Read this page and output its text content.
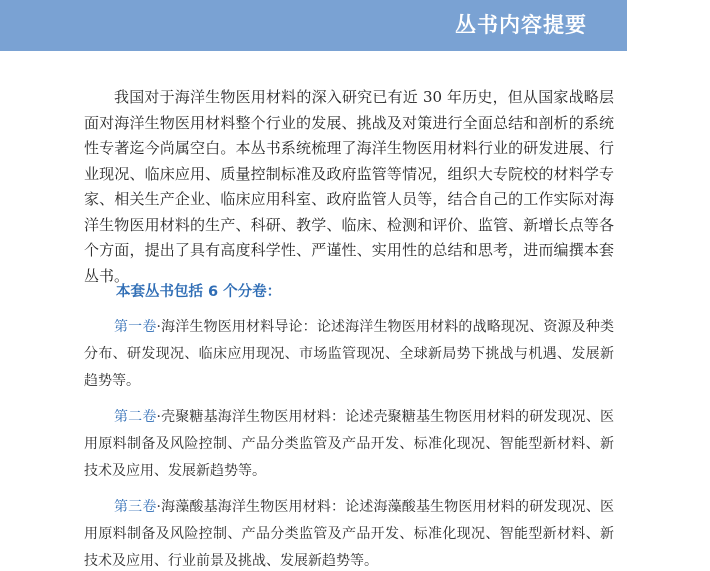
丛书内容提要

我国对于海洋生物医用材料的深入研究已有近 30 年历史，但从国家战略层面对海洋生物医用材料整个行业的发展、挑战及对策进行全面总结和剖析的系统性专著迄今尚属空白。本丛书系统梳理了海洋生物医用材料行业的研发进展、行业现况、临床应用、质量控制标准及政府监管等情况，组织大专院校的材料学专家、相关生产企业、临床应用科室、政府监管人员等，结合自己的工作实际对海洋生物医用材料的生产、科研、教学、临床、检测和评价、监管、新增长点等各个方面，提出了具有高度科学性、严谨性、实用性的总结和思考，进而编撰本套丛书。

本套丛书包括 6 个分卷：

第一卷·海洋生物医用材料导论：论述海洋生物医用材料的战略现况、资源及种类分布、研发现况、临床应用现况、市场监管现况、全球新局势下挑战与机遇、发展新趋势等。

第二卷·壳聚糖基海洋生物医用材料：论述壳聚糖基生物医用材料的研发现况、医用原料制备及风险控制、产品分类监管及产品开发、标准化现况、智能型新材料、新技术及应用、发展新趋势等。

第三卷·海藻酸基海洋生物医用材料：论述海藻酸基生物医用材料的研发现况、医用原料制备及风险控制、产品分类监管及产品开发、标准化现况、智能型新材料、新技术及应用、行业前景及挑战、发展新趋势等。
